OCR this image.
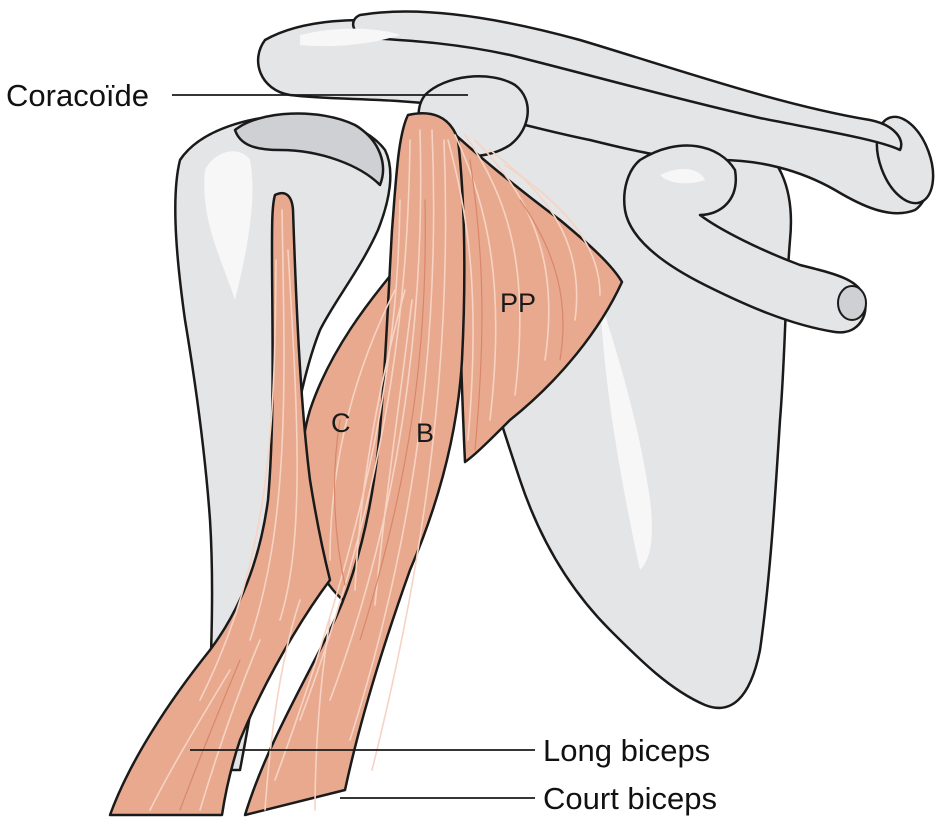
Coracoïde
Long biceps
Court biceps
PP
C B
